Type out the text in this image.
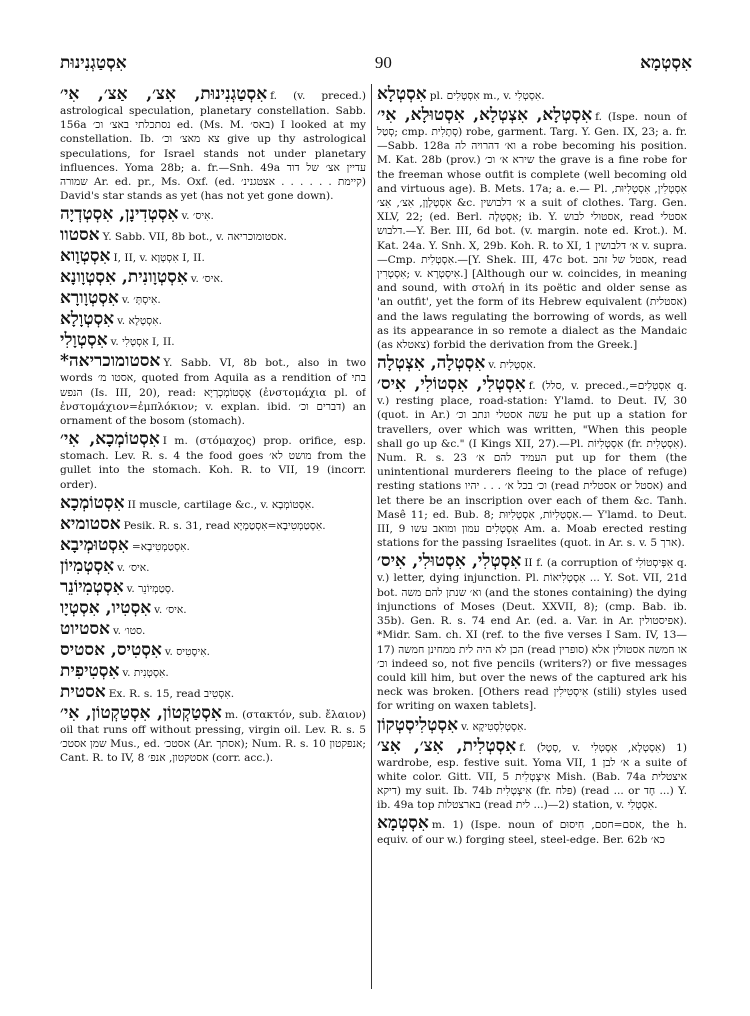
אִסְטַגְנִינוּת	90	אִסְטְמָא
אִסְטַגְנִינוּת, אִצ׳, אַצ׳, אִי׳ f. (v. preced.) astrological speculation, planetary constellation. Sabb. 156a נסתכלתי באצ׳ וכ׳ ed. (Ms. M. באס׳) I looked at my constellation. Ib. צא מאצ׳ וכ׳ give up thy astrological speculations, for Israel stands not under planetary influences. Yoma 28b; a. fr.—Snh. 49a עדיין אצ׳ של דוד שמורה Ar. ed. pr., Ms. Oxf. (ed. קיימת . . . . . . אצטגנינ׳) David's star stands as yet (has not yet gone down).
אִסְטְדִינָן, אִסְטְדְיָה v. אִיס׳.
אסטוו Y. Sabb. VII, 8b bot., v. אסטומוכריאה.
אִסְטְוָוא I, II, v. אִסְטְוָא I, II.
אִסְטְוָונִית, אִסְטְוָונָא v. איס׳.
אִסְטְוָורָא v. אִיסְתְּ׳.
אִסְטְוָלָא v. אִסְטְלָא.
אִסְטְוָלִי v. אִסְטְלִי I, II.
*אסטומוכריאה Y. Sabb. VI, 8b bot., also in two words אסטו מ׳, quoted from Aquila as a rendition of בתי הנפש (Is. III, 20), read: אֶסְטוֹמְכְרְיָא (ἐνστομάχια pl. of ἐνστομάχιον=ἐμπλόκιον; v. explan. ibid. דברים וכ׳) an ornament of the bosom (stomach).
אִסְטוֹמְכָא, אִי׳ I m. (στόμαχος) prop. orifice, esp. stomach. Lev. R. s. 4 the food goes מושט לא׳ from the gullet into the stomach. Koh. R. to VII, 19 (incorr. order).
אִסְטוֹמְכָא II muscle, cartilage &c., v. אִסְטוֹמְבָא.
אסטומיא Pesik. R. s. 31, read אִסְטַמְטִיבָא=אִסְטַמְיָא.
אִסְטוּמְיבָא =אִסְטַמְטִיבָא.
אִסְטְמִיוֹן v. איס׳.
אִסְטְמִיוֹנֵר v. סְטַמְיוֹנֵר.
אִסְטִיו, אִסְטְיָו v. איס׳.
אסטיוט v. סטו׳.
אִסְטִיס, אסטיס v. אִיסָטִיס.
אִסְטִיפִית v. אִסְטְנִית.
אסטית Ex. R. s. 15, read אִסְטִיב.
אִסְטַקְטוֹן, אִסְטַקְטוֹן, אִי׳ m. (στακτόν, sub. ἔλαιον) oil that runs off without pressing, virgin oil. Lev. R. s. 5 שמן אסטכ׳ Mus., ed. אסטכ׳ (Ar. אסתך); Num. R. s. 10 אנפקטון; Cant. R. to IV, 8 אסטקטון, אנפ׳ (corr. acc.).
אִסְטְלָא pl. אִסְטְלִים m., v. אִסְטְלִי.
אִסְטְלָא, אִצְטְלָא, אִסְטוּלָא, אִי׳ f. (Ispe. noun of סְטַל; cmp. סְתָלִית) robe, garment. Targ. Y. Gen. IX, 23; a. fr.—Sabb. 128a וא׳ דהרויה לה a robe becoming his position. M. Kat. 28b (prov.) שירא א׳ וכ׳ the grave is a fine robe for the freeman whose outfit is complete (well becoming old and virtuous age). B. Mets. 17a; a. e.— Pl. אִסְטְלִין, אִסְטְלִיוּת, אִסְטְלָוָן, אִצ׳, אִצ׳ &c. א׳ דלבושין a suit of clothes. Targ. Gen. XLV, 22; (ed. Berl. אִסְטְלָה; ib. Y. אסטולי לבוש, read אסטלי דלבוש.—Y. Ber. III, 6d bot. (v. margin. note ed. Krot.). M. Kat. 24a. Y. Snh. X, 29b. Koh. R. to XI, 1 א׳ דלבושין v. supra.—Cmp. אִסְטְלִית.—[Y. Shek. III, 47c bot. אסטל של זהב, read אִסְטְרִין; v. אִיסְטְרָא.] [Although our w. coincides, in meaning and sound, with στολή in its poëtic and older sense as 'an outfit', yet the form of its Hebrew equivalent (אסטלית) and the laws regulating the borrowing of words, as well as its appearance in so remote a dialect as the Mandaic (as צאטלא) forbid the derivation from the Greek.]
אִסְטְלָה, אִצְטְלָה v. אִסְטְלִית.
אִסְטְלִי, אִסְטוֹלִי, אִיס׳ f. (סלל, v. preced.,=אִסְטְלִים q. v.) resting place, road-station: Y'lamd. to Deut. IV, 30 (quot. in Ar.) עשה אסטלי ונתב וכ׳ he put up a station for travellers, over which was written, "When this people shall go up &c." (I Kings XII, 27).—Pl. אִסְטְלִיוֹת (fr. אִסְטְלִית). Num. R. s. 23 העמיד להם א׳ put up for them (the unintentional murderers fleeing to the place of refuge) resting stations וכ׳ בכל א׳ . . . יהיו (read אסטלית or אסטל) and let there be an inscription over each of them &c. Tanh. Masê 11; ed. Bub. 8; אִסְטְלִיוֹת, אִסְטְלִיוּת.— Y'lamd. to Deut. III, 9 אִסְטְלִים עמון ומואב עשו Am. a. Moab erected resting stations for the passing Israelites (quot. in Ar. s. v. ארך 5).
אִסְטְלִי, אִסְטוּלִי, אִיס׳ II f. (a corruption of אִפְּיסְטוֹלִי q. v.) letter, dying injunction. Pl. אִסְטְלִיאוֹת ... Y. Sot. VII, 21d bot. וא׳ שנתן להם משה (and the stones containing) the dying injunctions of Moses (Deut. XXVII, 8); (cmp. Bab. ib. 35b). Gen. R. s. 74 end Ar. (ed. a. Var. in Ar. אפיסטולין). *Midr. Sam. ch. XI (ref. to the five verses I Sam. IV, 13—17) הכן לא היה לית ממחינן חמשה (read סופרין) או חמשה אסטולין אלא וכ׳ indeed so, not five pencils (writers?) or five messages could kill him, but over the news of the captured ark his neck was broken. [Others read אִיסְטִילִין (stili) styles used for writing on waxen tablets].
אִסְטְלִיסְטְקוֹן v. אִסְטְלִסְטִיקָא.
אִסְטְלִית, אִצ׳, אִצ׳ f. (סְטָל, v. אִסְטְלָא, אִסְטְלִי) 1) wardrobe, esp. festive suit. Yoma VII, 1 א׳ לבן a suite of white color. Gitt. VII, 5 אִיצְטְלִית Mish. (Bab. 74a איצטלית דיקא) my suit. Ib. 74b אִיצְטְלִית (fr. פלח) (read ... or חָד ...) Y. ib. 49a top בארצטלות (read לית ...)—2) station, v. אִסְטְלִי.
אִסְטְמָא m. 1) (Ispe. noun of אסם=חסם, חִיסוּם, the h. equiv. of our w.) forging steel, steel-edge. Ber. 62b כא׳
